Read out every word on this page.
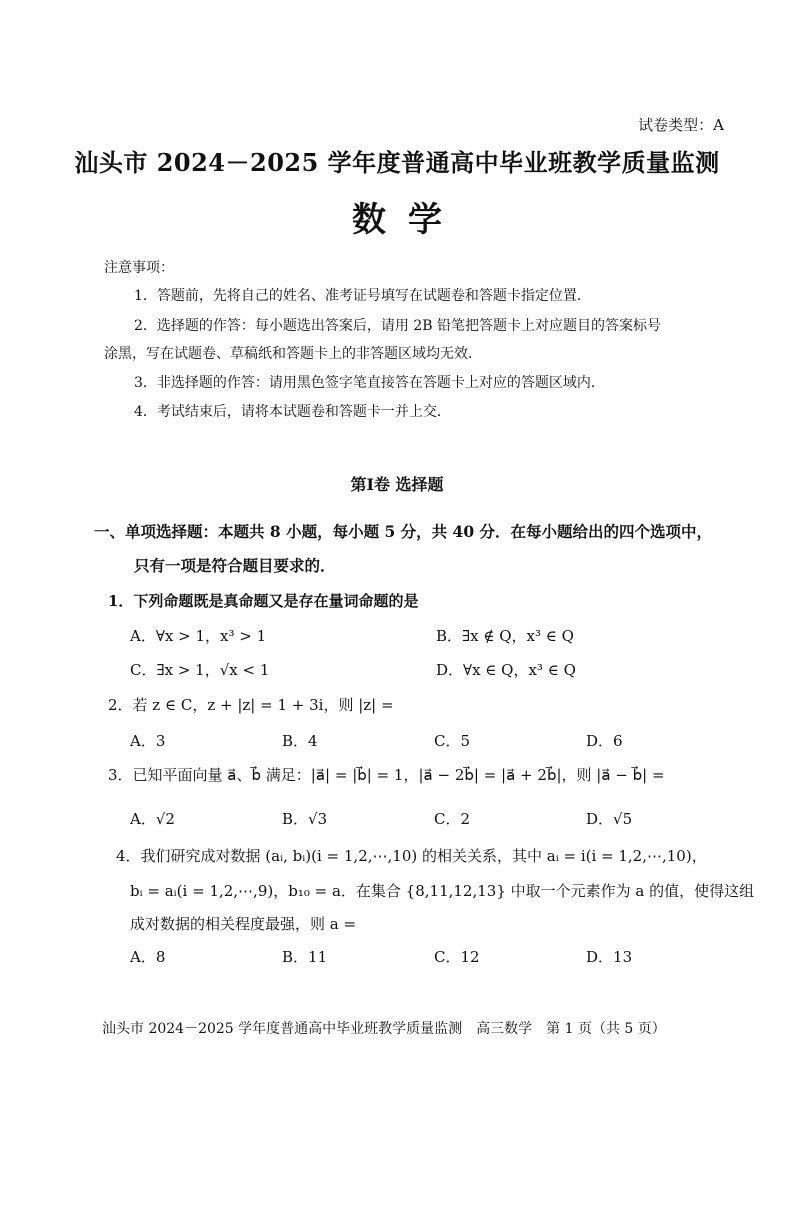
试卷类型：A
汕头市 2024－2025 学年度普通高中毕业班教学质量监测
数学
注意事项：
1．答题前，先将自己的姓名、准考证号填写在试题卷和答题卡指定位置．
2．选择题的作答：每小题选出答案后，请用 2B 铅笔把答题卡上对应题目的答案标号
涂黑，写在试题卷、草稿纸和答题卡上的非答题区域均无效．
3．非选择题的作答：请用黑色签字笔直接答在答题卡上对应的答题区域内．
4．考试结束后，请将本试题卷和答题卡一并上交．
第Ⅰ卷 选择题
一、单项选择题：本题共 8 小题，每小题 5 分，共 40 分．在每小题给出的四个选项中，
只有一项是符合题目要求的．
1．下列命题既是真命题又是存在量词命题的是
A．∀x > 1，x³ > 1	B．∃x ∉ Q，x³ ∈ Q
C．∃x > 1，√x < 1	D．∀x ∈ Q，x³ ∈ Q
2．若 z ∈ C，z + |z| = 1 + 3i，则 |z| =
A．3	B．4	C．5	D．6
3．已知平面向量 a⃗、b⃗ 满足：|a⃗| = |b⃗| = 1，|a⃗ − 2b⃗| = |a⃗ + 2b⃗|，则 |a⃗ − b⃗| =
A．√2	B．√3	C．2	D．√5
4．我们研究成对数据 (aᵢ, bᵢ)(i = 1,2,⋯,10) 的相关关系，其中 aᵢ = i(i = 1,2,⋯,10)，
bᵢ = aᵢ(i = 1,2,⋯,9)，b₁₀ = a．在集合 {8,11,12,13} 中取一个元素作为 a 的值，使得这组
成对数据的相关程度最强，则 a =
A．8	B．11	C．12	D．13
汕头市 2024－2025 学年度普通高中毕业班教学质量监测　高三数学　第 1 页（共 5 页）
